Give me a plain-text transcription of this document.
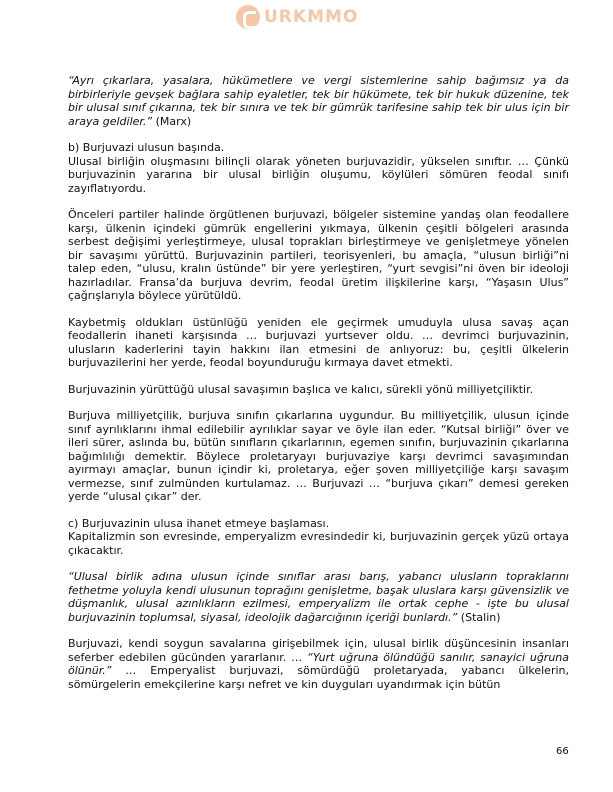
URKMMO

“Ayrı çıkarlara, yasalara, hükümetlere ve vergi sistemlerine sahip bağımsız ya da birbirleriyle gevşek bağlara sahip eyaletler, tek bir hükümete, tek bir hukuk düzenine, tek bir ulusal sınıf çıkarına, tek bir sınıra ve tek bir gümrük tarifesine sahip tek bir ulus için bir araya geldiler.” (Marx)

b) Burjuvazi ulusun başında.
Ulusal birliğin oluşmasını bilinçli olarak yöneten burjuvazidir, yükselen sınıftır. … Çünkü burjuvazinin yararına bir ulusal birliğin oluşumu, köylüleri sömüren feodal sınıfı zayıflatıyordu.

Önceleri partiler halinde örgütlenen burjuvazi, bölgeler sistemine yandaş olan feodallere karşı, ülkenin içindeki gümrük engellerini yıkmaya, ülkenin çeşitli bölgeleri arasında serbest değişimi yerleştirmeye, ulusal toprakları birleştirmeye ve genişletmeye yönelen bir savaşımı yürüttü. Burjuvazinin partileri, teorisyenleri, bu amaçla, “ulusun birliği”ni talep eden, “ulusu, kralın üstünde” bir yere yerleştiren, “yurt sevgisi”ni öven bir ideoloji hazırladılar. Fransa’da burjuva devrim, feodal üretim ilişkilerine karşı, “Yaşasın Ulus” çağrışlarıyla böylece yürütüldü.

Kaybetmiş oldukları üstünlüğü yeniden ele geçirmek umuduyla ulusa savaş açan feodallerin ihaneti karşısında … burjuvazi yurtsever oldu. … devrimci burjuvazinin, ulusların kaderlerini tayin hakkını ilan etmesini de anlıyoruz: bu, çeşitli ülkelerin burjuvazilerini her yerde, feodal boyunduruğu kırmaya davet etmekti.

Burjuvazinin yürüttüğü ulusal savaşımın başlıca ve kalıcı, sürekli yönü milliyetçiliktir.

Burjuva milliyetçilik, burjuva sınıfın çıkarlarına uygundur. Bu milliyetçilik, ulusun içinde sınıf ayrılıklarını ihmal edilebilir ayrılıklar sayar ve öyle ilan eder. “Kutsal birliği” över ve ileri sürer, aslında bu, bütün sınıfların çıkarlarının, egemen sınıfın, burjuvazinin çıkarlarına bağımlılığı demektir. Böylece proletaryayı burjuvaziye karşı devrimci savaşımından ayırmayı amaçlar, bunun içindir ki, proletarya, eğer şoven milliyetçiliğe karşı savaşım vermezse, sınıf zulmünden kurtulamaz. … Burjuvazi … “burjuva çıkarı” demesi gereken yerde “ulusal çıkar” der.

c) Burjuvazinin ulusa ihanet etmeye başlaması.
Kapitalizmin son evresinde, emperyalizm evresindedir ki, burjuvazinin gerçek yüzü ortaya çıkacaktır.

“Ulusal birlik adına ulusun içinde sınıflar arası barış, yabancı ulusların topraklarını fethetme yoluyla kendi ulusunun toprağını genişletme, başak uluslara karşı güvensizlik ve düşmanlık, ulusal azınlıkların ezilmesi, emperyalizm ile ortak cephe - işte bu ulusal burjuvazinin toplumsal, siyasal, ideolojik dağarcığının içeriği bunlardı.” (Stalin)

Burjuvazi, kendi soygun savalarına girişebilmek için, ulusal birlik düşüncesinin insanları seferber edebilen gücünden yararlanır. … “Yurt uğruna ölündüğü sanılır, sanayici uğruna ölünür.” … Emperyalist burjuvazi, sömürdüğü proletaryada, yabancı ülkelerin, sömürgelerin emekçilerine karşı nefret ve kin duyguları uyandırmak için bütün

66
